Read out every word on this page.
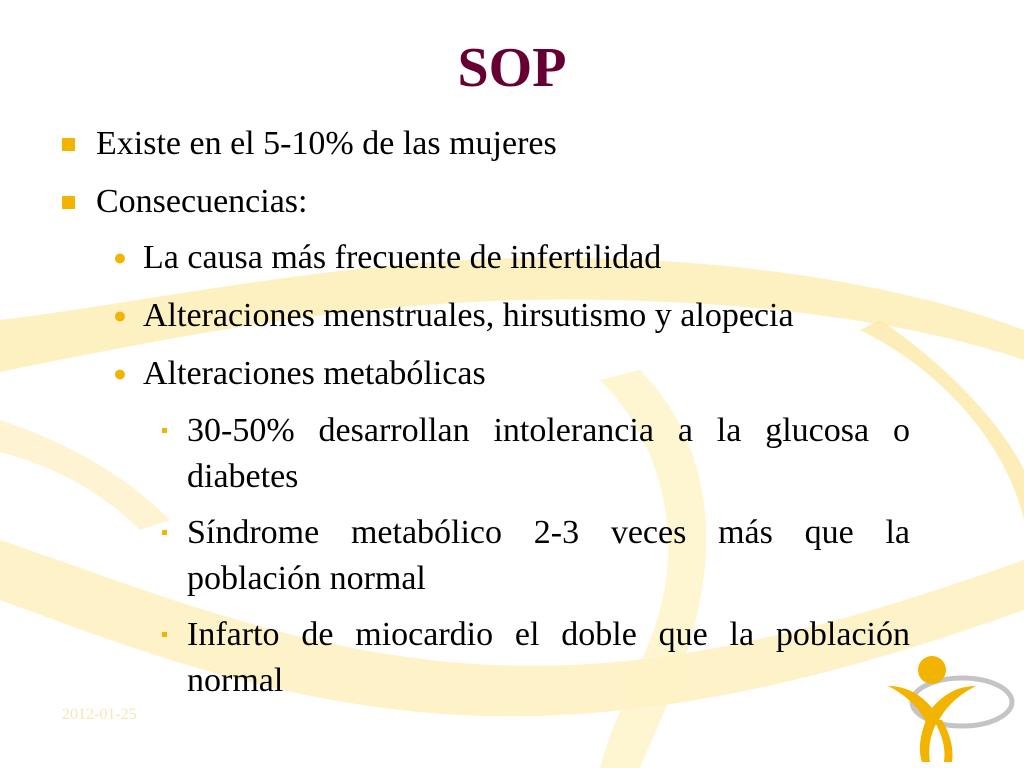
SOP
Existe en el 5-10% de las mujeres
Consecuencias:
● La causa más frecuente de infertilidad
● Alteraciones menstruales, hirsutismo y alopecia
● Alteraciones metabólicas
30-50% desarrollan intolerancia a la glucosa o diabetes
Síndrome metabólico 2-3 veces más que la población normal
Infarto de miocardio el doble que la población normal
2012-01-25
